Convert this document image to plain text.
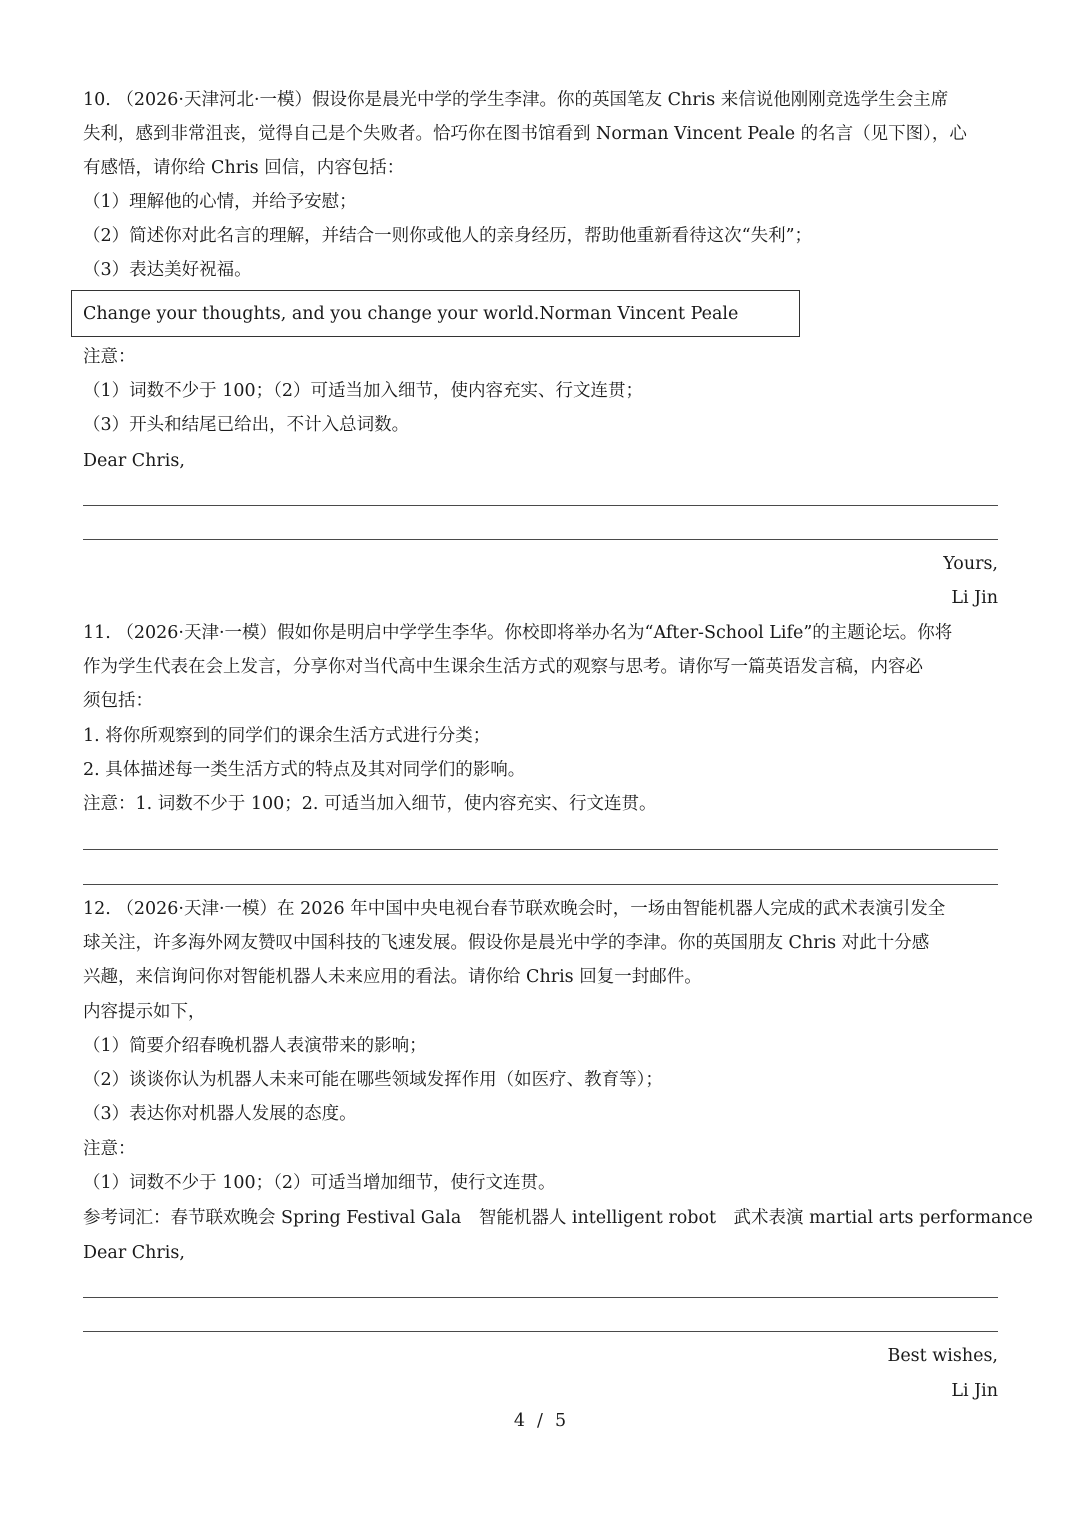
10. （2026·天津河北·一模）假设你是晨光中学的学生李津。你的英国笔友 Chris 来信说他刚刚竞选学生会主席
失利，感到非常沮丧，觉得自己是个失败者。恰巧你在图书馆看到 Norman Vincent Peale 的名言（见下图），心
有感悟，请你给 Chris 回信，内容包括：
（1）理解他的心情，并给予安慰；
（2）简述你对此名言的理解，并结合一则你或他人的亲身经历，帮助他重新看待这次“失利”；
（3）表达美好祝福。
Change your thoughts, and you change your world.Norman Vincent Peale
注意：
（1）词数不少于 100；（2）可适当加入细节，使内容充实、行文连贯；
（3）开头和结尾已给出，不计入总词数。
Dear Chris,
Yours,
Li Jin
11. （2026·天津·一模）假如你是明启中学学生李华。你校即将举办名为“After-School Life”的主题论坛。你将
作为学生代表在会上发言，分享你对当代高中生课余生活方式的观察与思考。请你写一篇英语发言稿，内容必
须包括：
1. 将你所观察到的同学们的课余生活方式进行分类；
2. 具体描述每一类生活方式的特点及其对同学们的影响。
注意：1. 词数不少于 100；2. 可适当加入细节，使内容充实、行文连贯。
12. （2026·天津·一模）在 2026 年中国中央电视台春节联欢晚会时，一场由智能机器人完成的武术表演引发全
球关注，许多海外网友赞叹中国科技的飞速发展。假设你是晨光中学的李津。你的英国朋友 Chris 对此十分感
兴趣，来信询问你对智能机器人未来应用的看法。请你给 Chris 回复一封邮件。
内容提示如下，
（1）简要介绍春晚机器人表演带来的影响；
（2）谈谈你认为机器人未来可能在哪些领域发挥作用（如医疗、教育等）；
（3）表达你对机器人发展的态度。
注意：
（1）词数不少于 100；（2）可适当增加细节，使行文连贯。
参考词汇：春节联欢晚会 Spring Festival Gala　智能机器人 intelligent robot　武术表演 martial arts performance
Dear Chris,
Best wishes,
Li Jin
4 / 5
